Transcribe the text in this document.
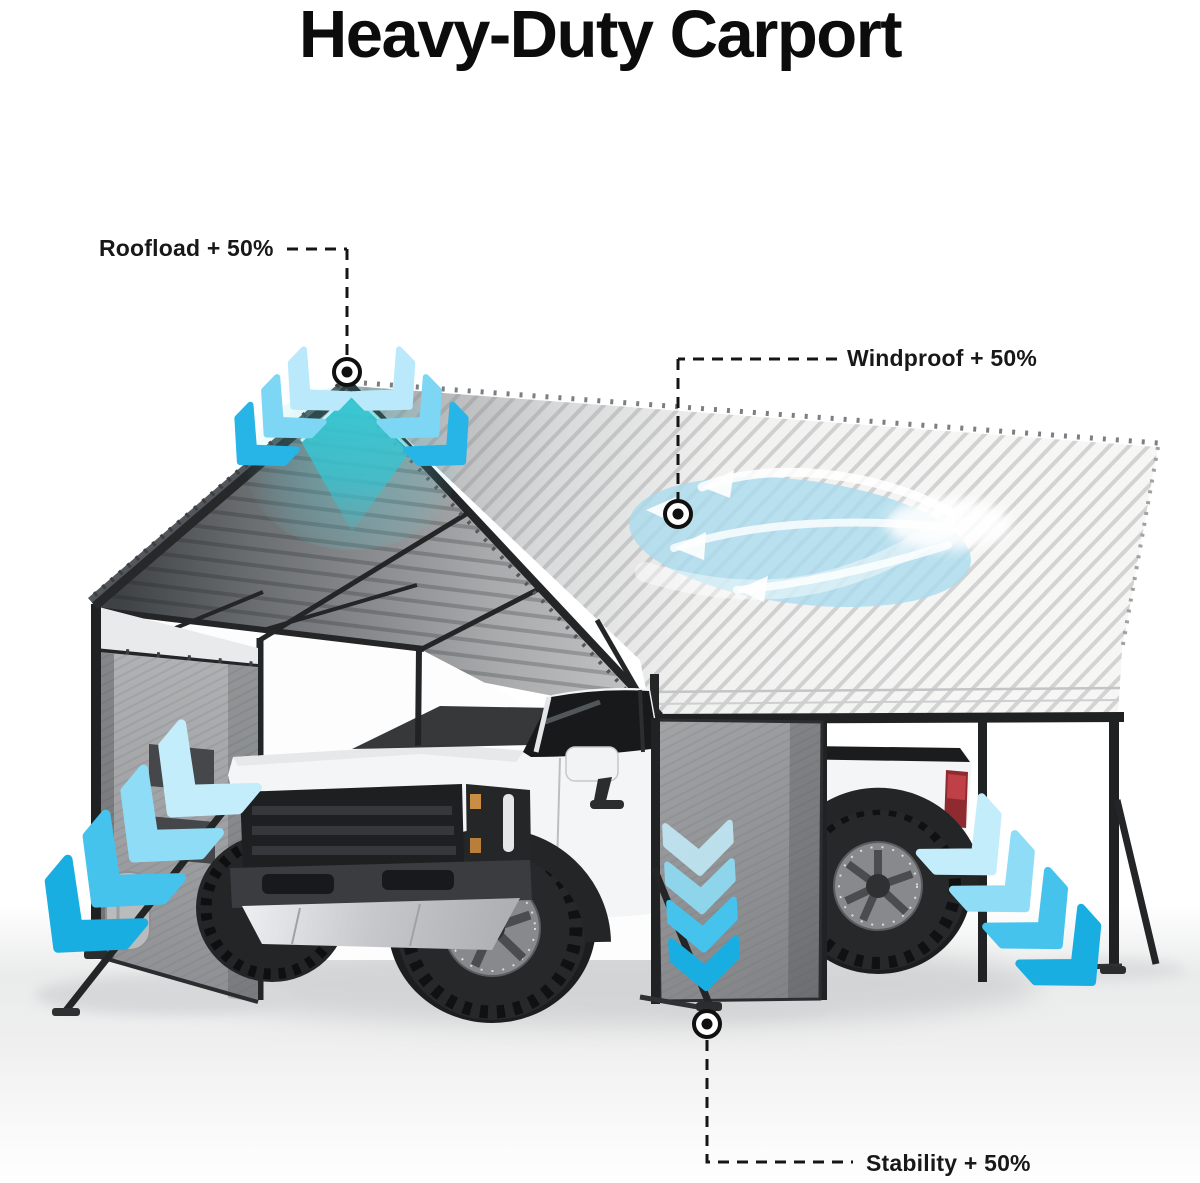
Heavy-Duty Carport
Roofload + 50%
Windproof + 50%
Stability + 50%
